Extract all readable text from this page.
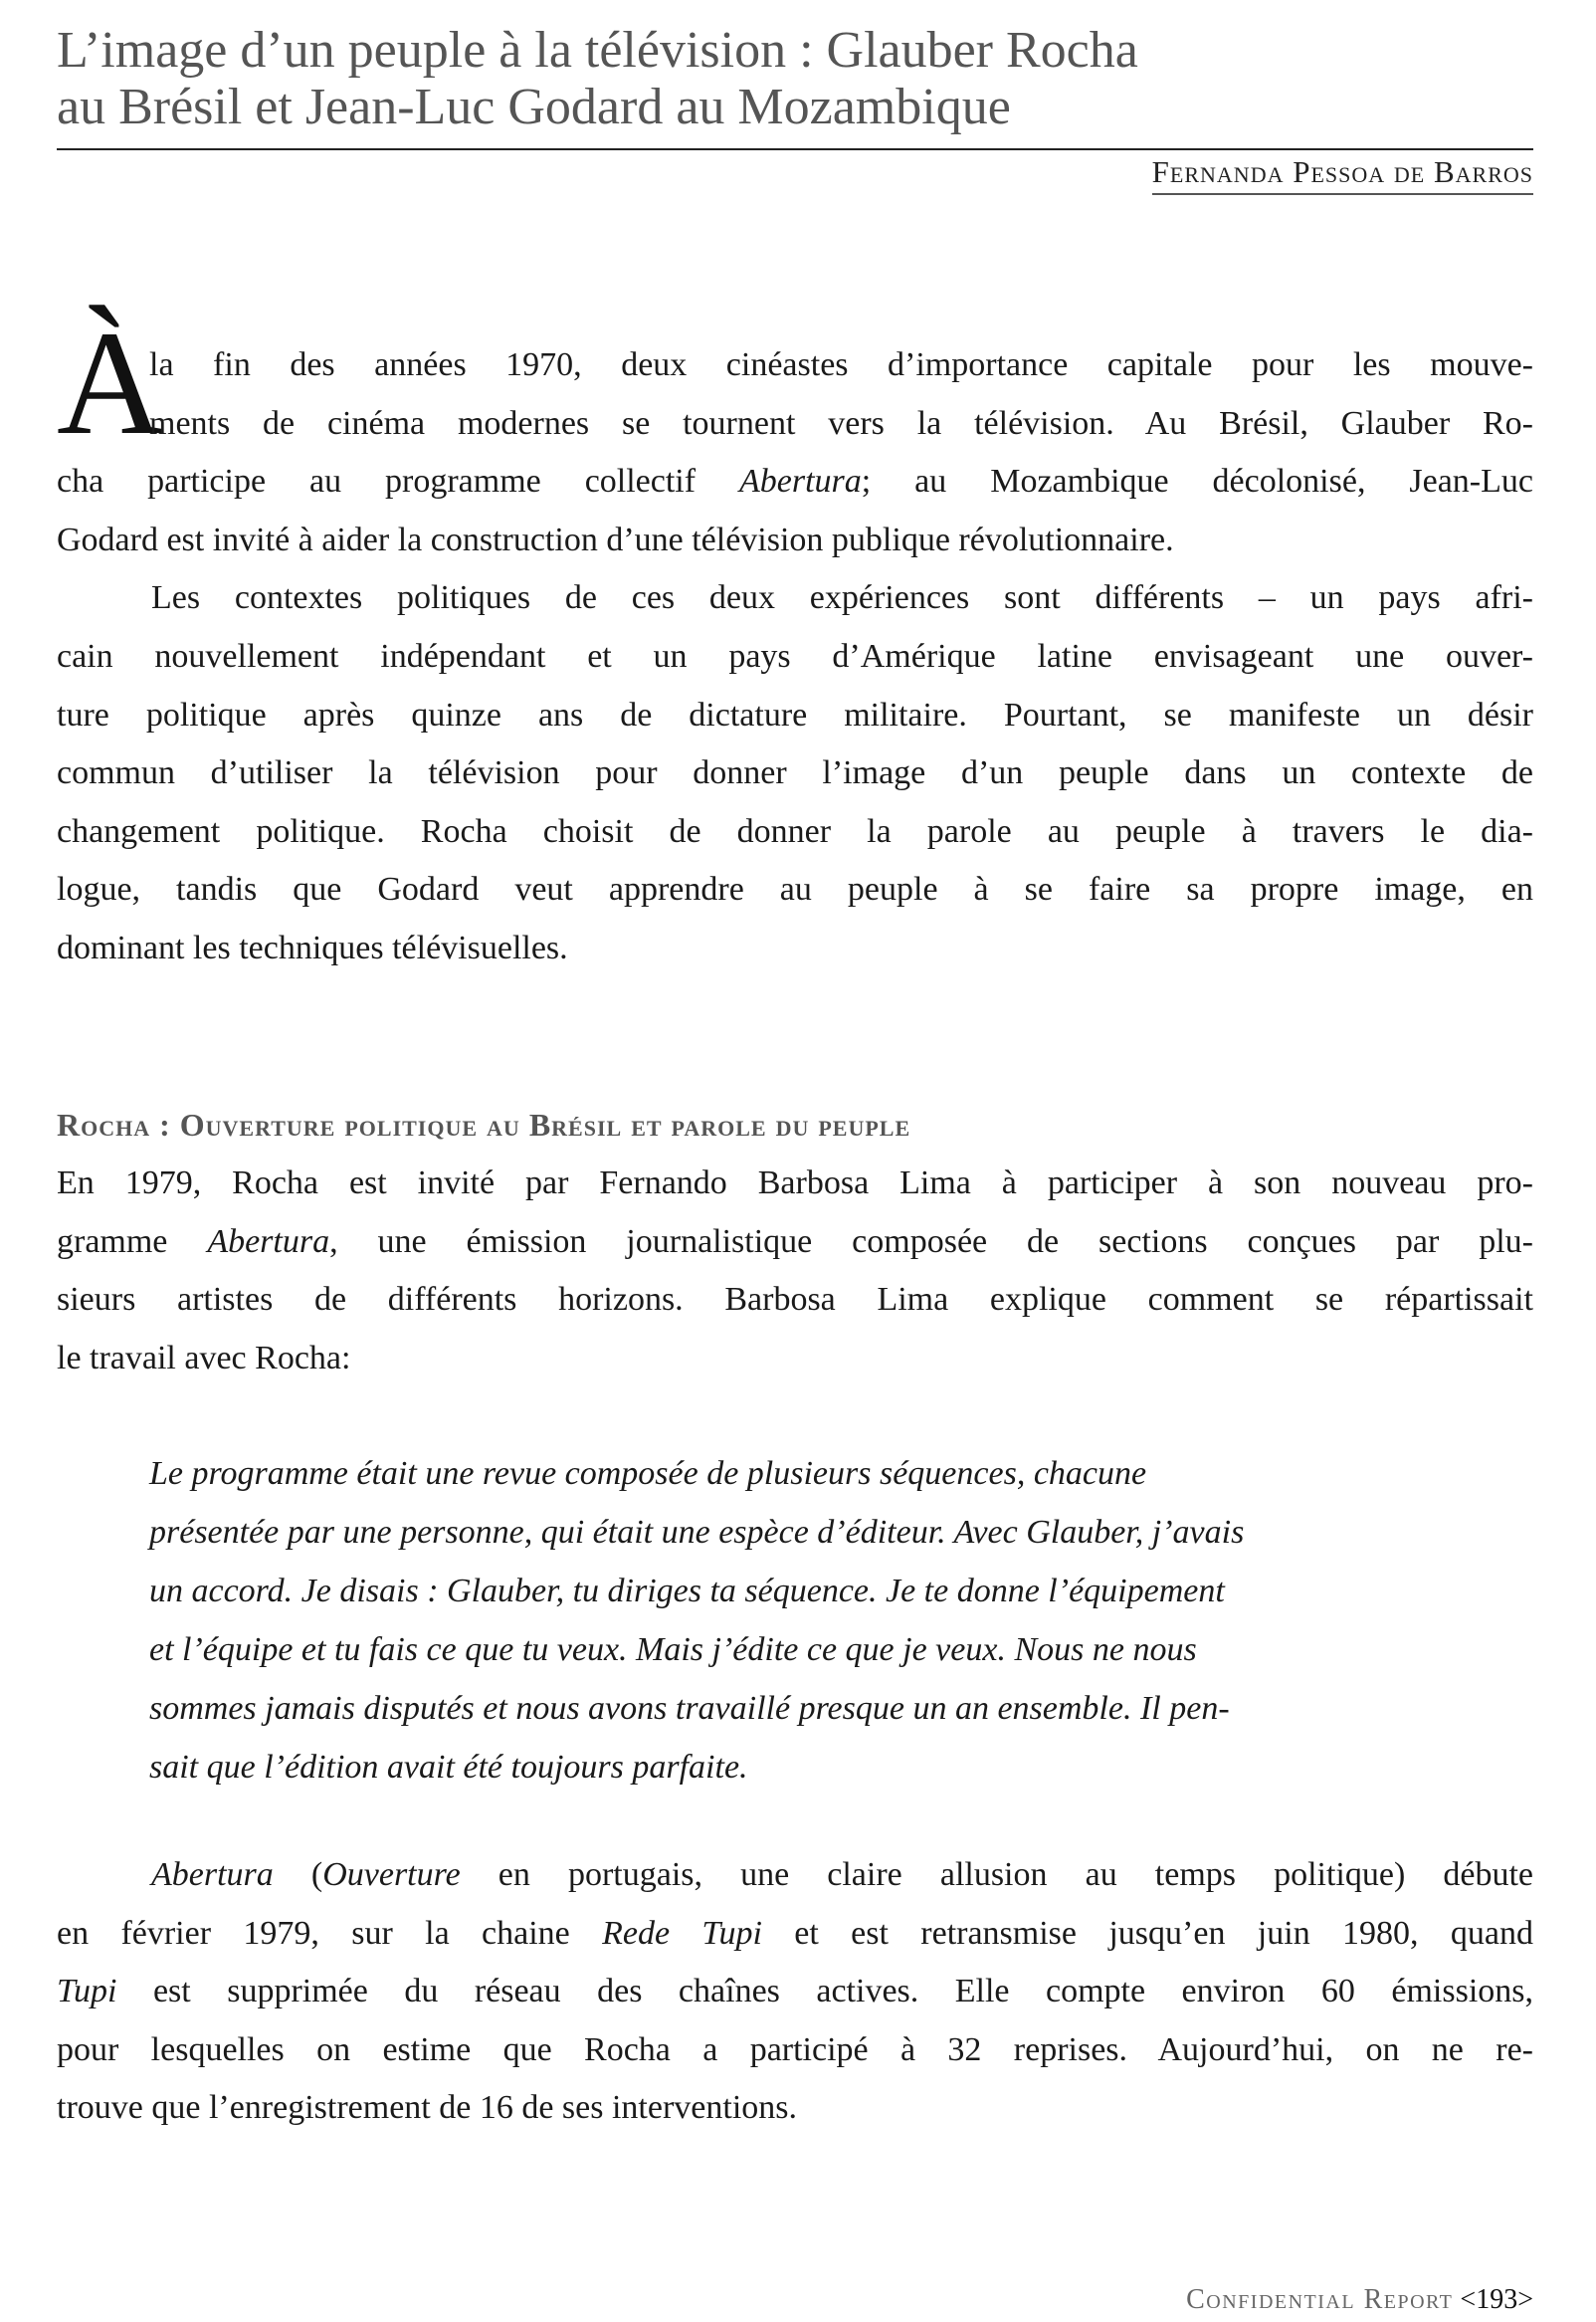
L’image d’un peuple à la télévision : Glauber Rocha
au Brésil et Jean-Luc Godard au Mozambique
Fernanda Pessoa de Barros
À
la fin des années 1970, deux cinéastes d’importance capitale pour les mouve-
ments de cinéma modernes se tournent vers la télévision. Au Brésil, Glauber Ro-
cha participe au programme collectif Abertura; au Mozambique décolonisé, Jean-Luc
Godard est invité à aider la construction d’une télévision publique révolutionnaire.
Les contextes politiques de ces deux expériences sont différents – un pays afri-
cain nouvellement indépendant et un pays d’Amérique latine envisageant une ouver-
ture politique après quinze ans de dictature militaire. Pourtant, se manifeste un désir
commun d’utiliser la télévision pour donner l’image d’un peuple dans un contexte de
changement politique. Rocha choisit de donner la parole au peuple à travers le dia-
logue, tandis que Godard veut apprendre au peuple à se faire sa propre image, en
dominant les techniques télévisuelles.
Rocha : Ouverture politique au Brésil et parole du peuple
En 1979, Rocha est invité par Fernando Barbosa Lima à participer à son nouveau pro-
gramme Abertura, une émission journalistique composée de sections conçues par plu-
sieurs artistes de différents horizons. Barbosa Lima explique comment se répartissait
le travail avec Rocha:
Le programme était une revue composée de plusieurs séquences, chacune
présentée par une personne, qui était une espèce d’éditeur. Avec Glauber, j’avais
un accord. Je disais : Glauber, tu diriges ta séquence. Je te donne l’équipement
et l’équipe et tu fais ce que tu veux. Mais j’édite ce que je veux. Nous ne nous
sommes jamais disputés et nous avons travaillé presque un an ensemble. Il pen-
sait que l’édition avait été toujours parfaite.
Abertura (Ouverture en portugais, une claire allusion au temps politique) débute
en février 1979, sur la chaine Rede Tupi et est retransmise jusqu’en juin 1980, quand
Tupi est supprimée du réseau des chaînes actives. Elle compte environ 60 émissions,
pour lesquelles on estime que Rocha a participé à 32 reprises. Aujourd’hui, on ne re-
trouve que l’enregistrement de 16 de ses interventions.
Confidential Report <193>
